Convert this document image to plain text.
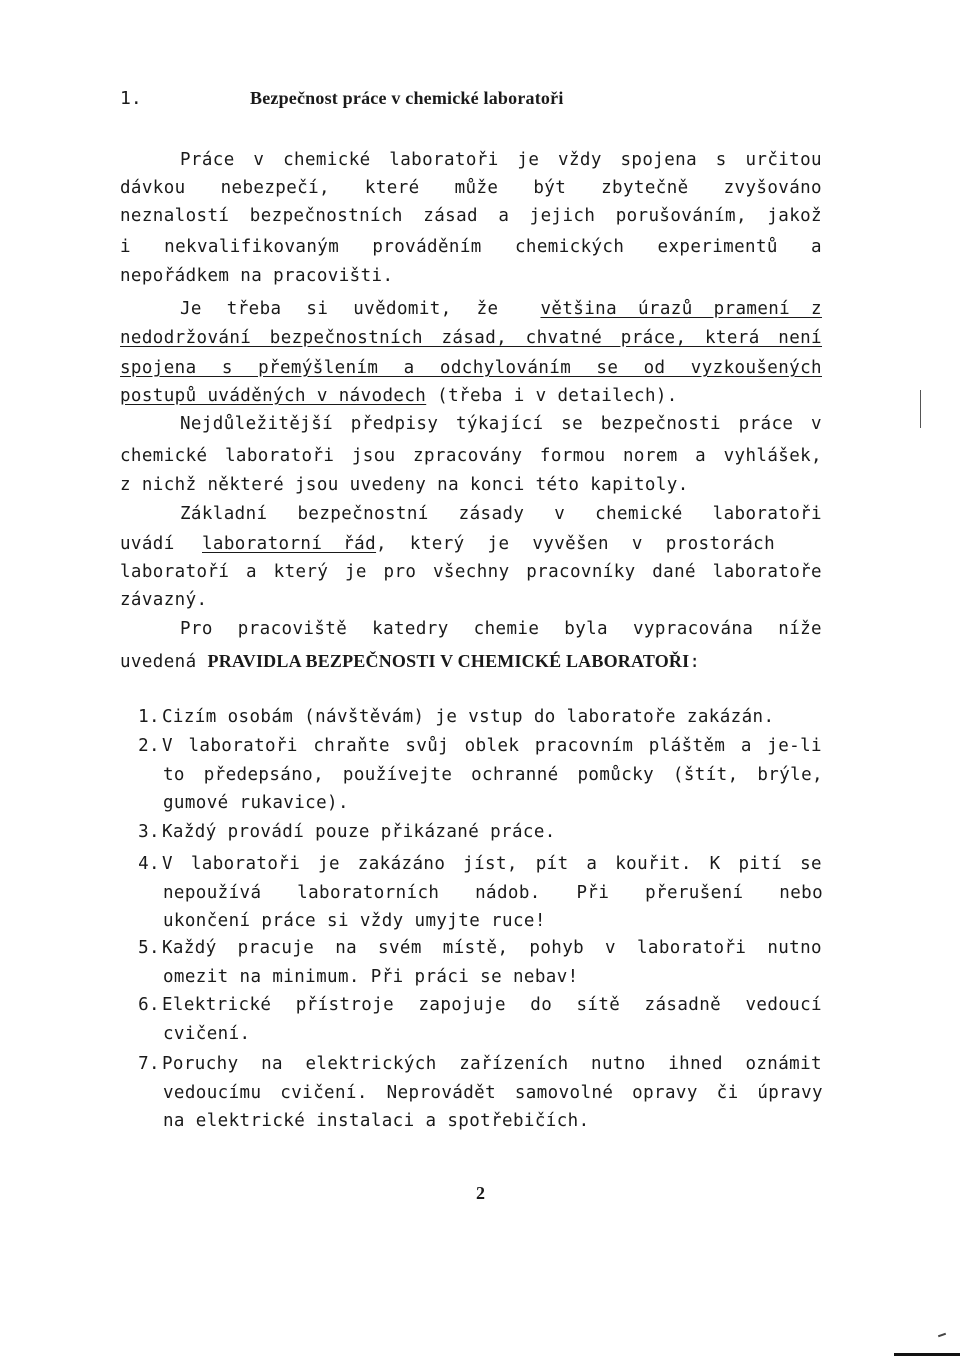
1.	Bezpečnost práce v chemické laboratoři
Práce v chemické laboratoři je vždy spojena s určitou
dávkou nebezpečí, které může být zbytečně zvyšováno
neznalostí bezpečnostních zásad a jejich porušováním, jakož
i nekvalifikovaným prováděním chemických experimentů a
nepořádkem na pracovišti.
Je třeba si uvědomit, že většina úrazů pramení z
nedodržování bezpečnostních zásad, chvatné práce, která není
spojena s přemýšlením a odchylováním se od vyzkoušených
postupů uváděných v návodech (třeba i v detailech).
Nejdůležitější předpisy týkající se bezpečnosti práce v
chemické laboratoři jsou zpracovány formou norem a vyhlášek,
z nichž některé jsou uvedeny na konci této kapitoly.
Základní bezpečnostní zásady v chemické laboratoři
uvádí laboratorní řád, který je vyvěšen v prostorách
laboratoří a který je pro všechny pracovníky dané laboratoře
závazný.
Pro pracoviště katedry chemie byla vypracována níže
uvedená PRAVIDLA BEZPEČNOSTI V CHEMICKÉ LABORATOŘI:
1. Cizím osobám (návštěvám) je vstup do laboratoře zakázán.
2. V laboratoři chraňte svůj oblek pracovním pláštěm a je-li
to předepsáno, používejte ochranné pomůcky (štít, brýle,
gumové rukavice).
3. Každý provádí pouze přikázané práce.
4. V laboratoři je zakázáno jíst, pít a kouřit. K pití se
nepoužívá laboratorních nádob. Při přerušení nebo
ukončení práce si vždy umyjte ruce!
5. Každý pracuje na svém místě, pohyb v laboratoři nutno
omezit na minimum. Při práci se nebav!
6. Elektrické přístroje zapojuje do sítě zásadně vedoucí
cvičení.
7. Poruchy na elektrických zařízeních nutno ihned oznámit
vedoucímu cvičení. Neprovádět samovolné opravy či úpravy
na elektrické instalaci a spotřebičích.
2
